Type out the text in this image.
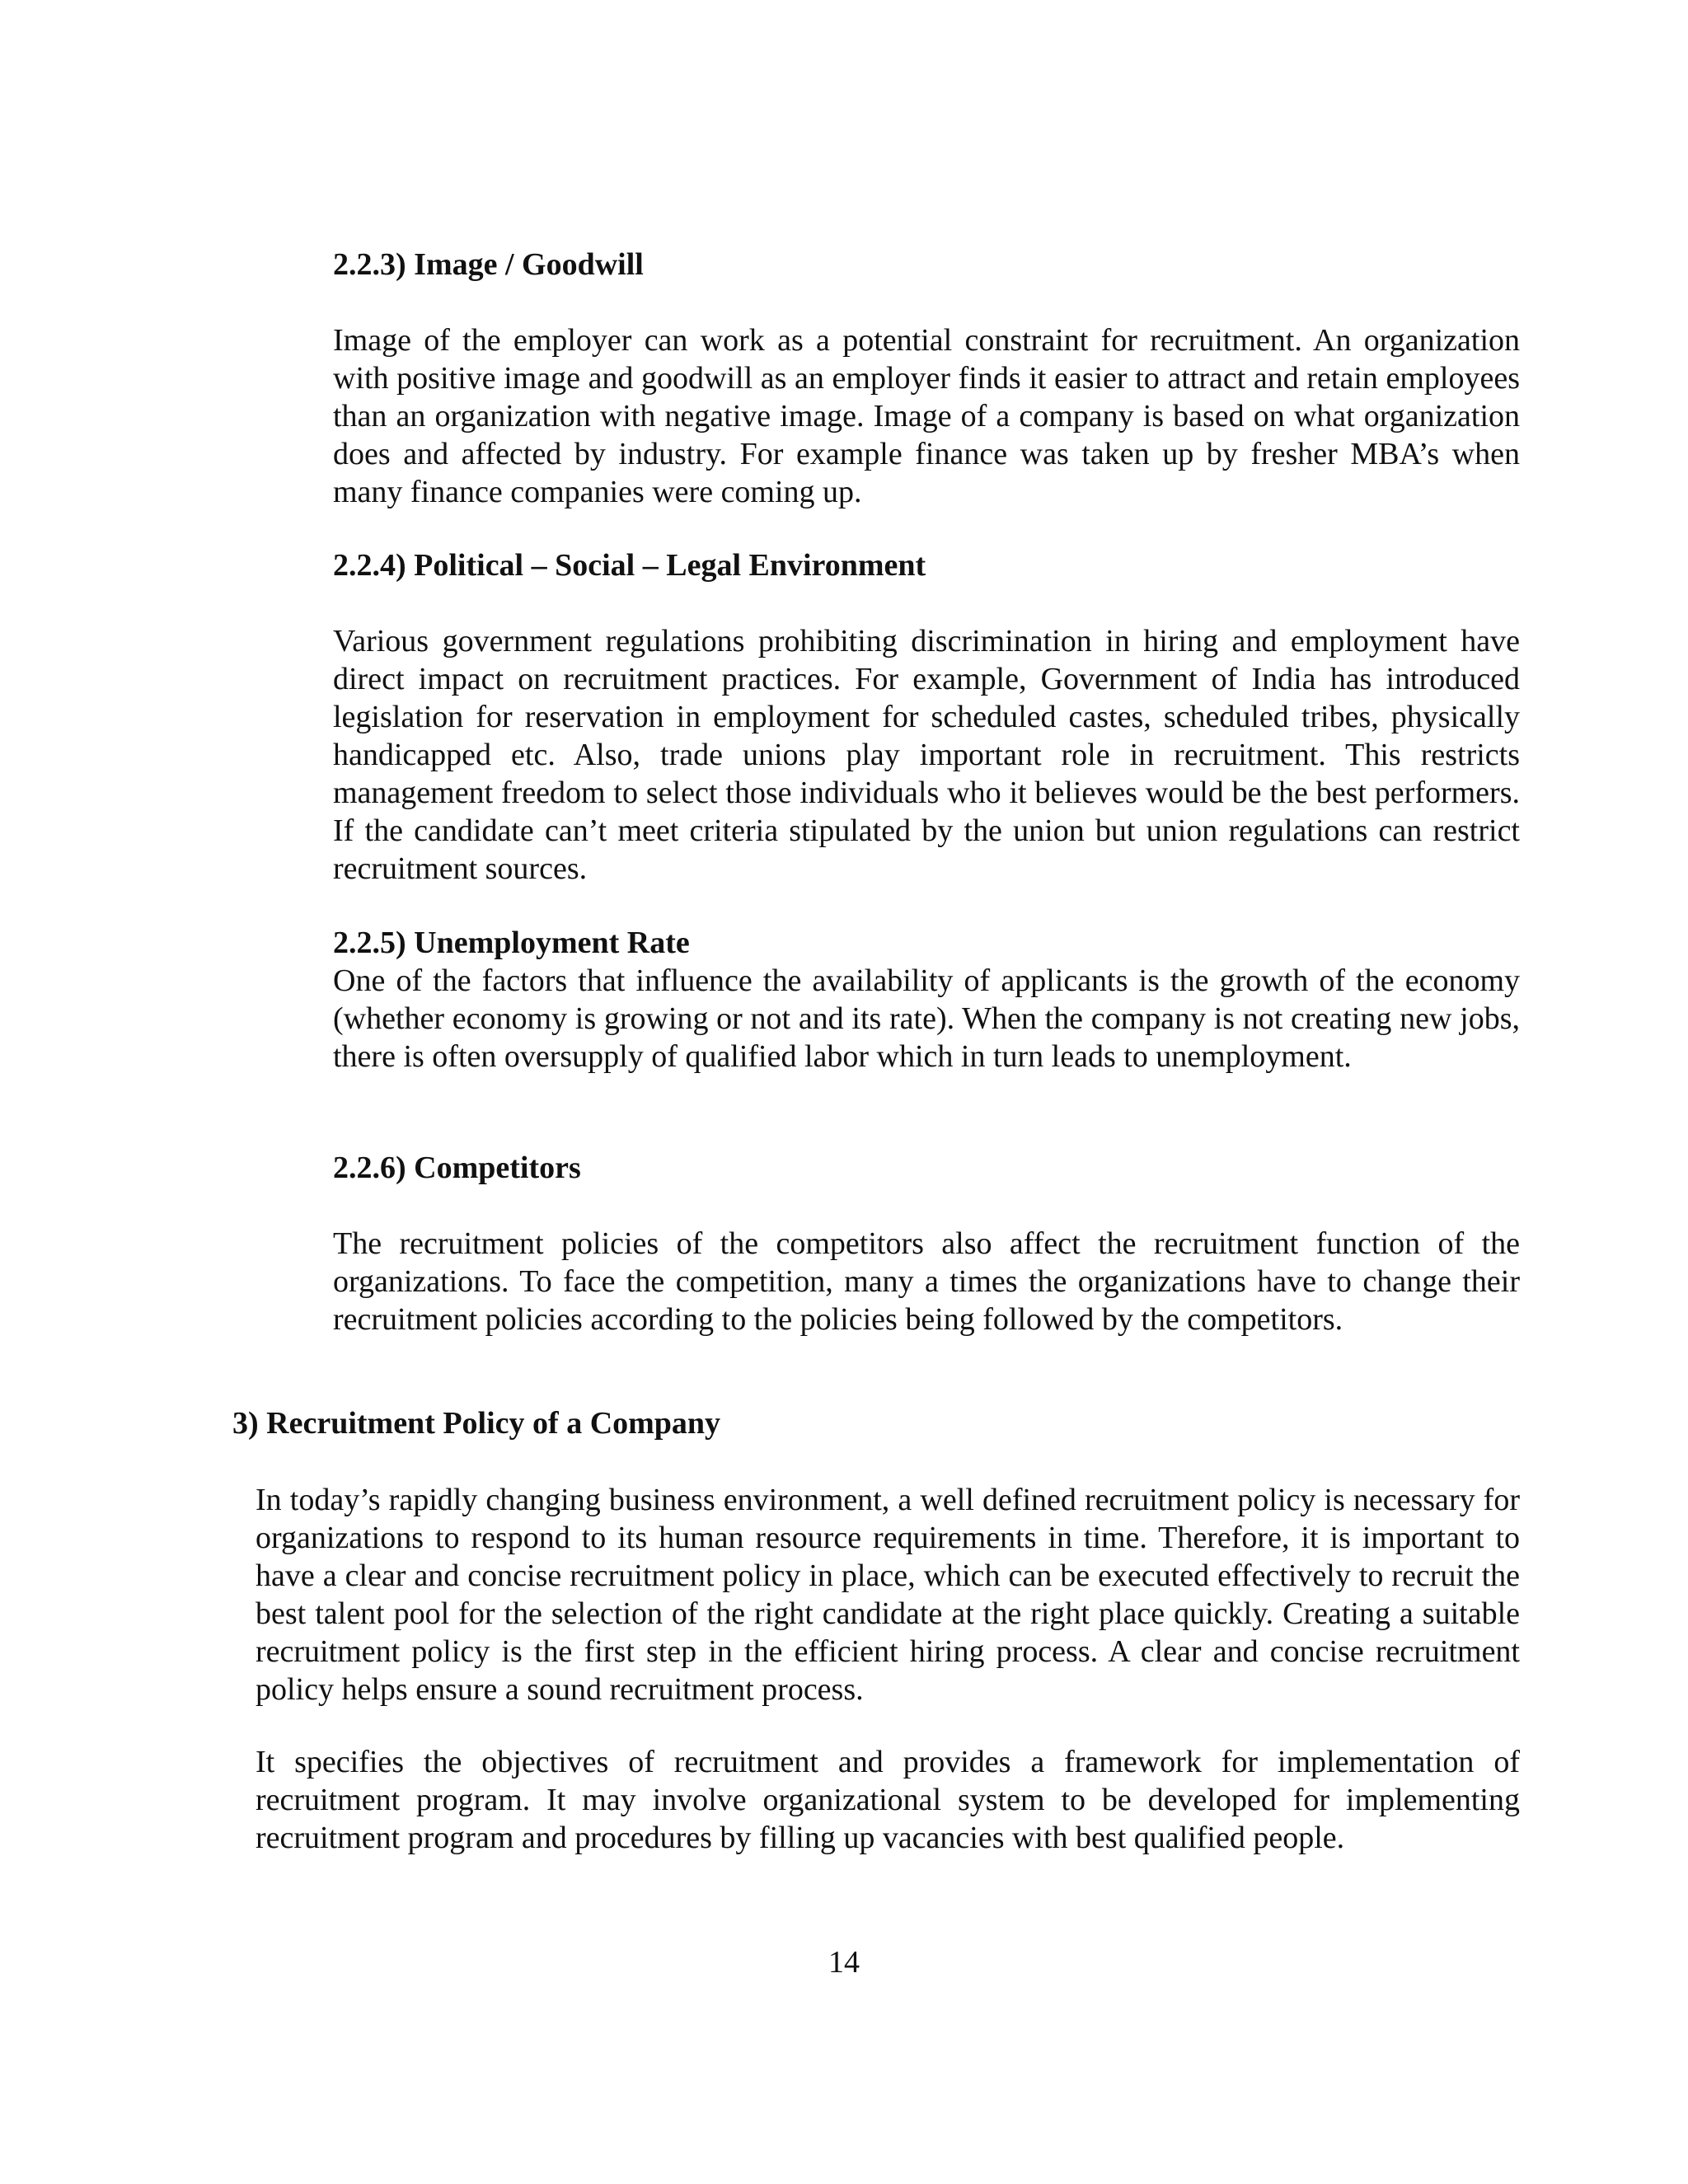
2.2.3) Image / Goodwill

Image of the employer can work as a potential constraint for recruitment. An organization with positive image and goodwill as an employer finds it easier to attract and retain employees than an organization with negative image. Image of a company is based on what organization does and affected by industry. For example finance was taken up by fresher MBA’s when many finance companies were coming up.

2.2.4) Political – Social – Legal Environment

Various government regulations prohibiting discrimination in hiring and employment have direct impact on recruitment practices. For example, Government of India has introduced legislation for reservation in employment for scheduled castes, scheduled tribes, physically handicapped etc. Also, trade unions play important role in recruitment. This restricts management freedom to select those individuals who it believes would be the best performers. If the candidate can’t meet criteria stipulated by the union but union regulations can restrict recruitment sources.

2.2.5) Unemployment Rate

One of the factors that influence the availability of applicants is the growth of the economy (whether economy is growing or not and its rate). When the company is not creating new jobs, there is often oversupply of qualified labor which in turn leads to unemployment.

2.2.6) Competitors

The recruitment policies of the competitors also affect the recruitment function of the organizations. To face the competition, many a times the organizations have to change their recruitment policies according to the policies being followed by the competitors.

3) Recruitment Policy of a Company

In today’s rapidly changing business environment, a well defined recruitment policy is necessary for organizations to respond to its human resource requirements in time. Therefore, it is important to have a clear and concise recruitment policy in place, which can be executed effectively to recruit the best talent pool for the selection of the right candidate at the right place quickly. Creating a suitable recruitment policy is the first step in the efficient hiring process. A clear and concise recruitment policy helps ensure a sound recruitment process.

It specifies the objectives of recruitment and provides a framework for implementation of recruitment program. It may involve organizational system to be developed for implementing recruitment program and procedures by filling up vacancies with best qualified people.

14
